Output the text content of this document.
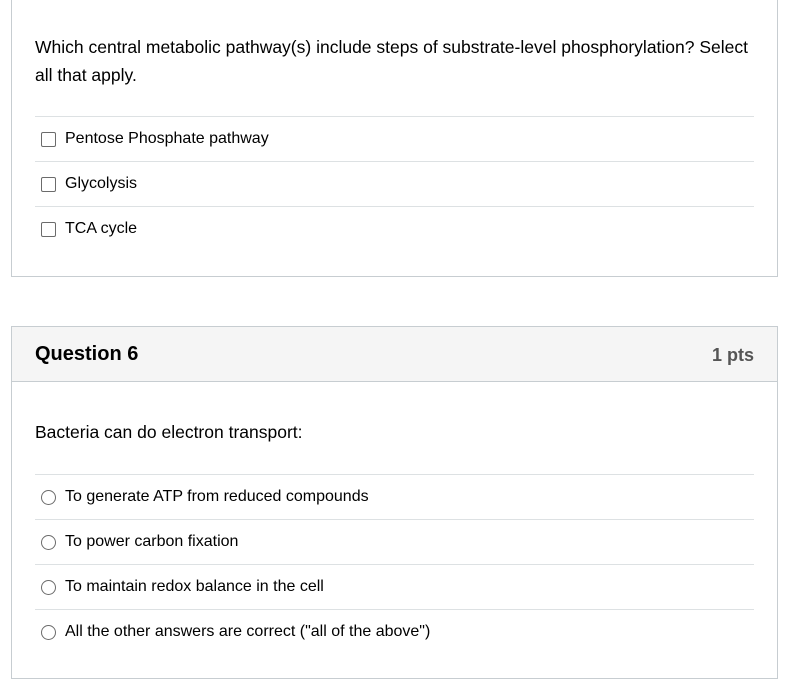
Which central metabolic pathway(s) include steps of substrate-level phosphorylation? Select all that apply.
Pentose Phosphate pathway
Glycolysis
TCA cycle
Question 6	1 pts
Bacteria can do electron transport:
To generate ATP from reduced compounds
To power carbon fixation
To maintain redox balance in the cell
All the other answers are correct ("all of the above")
